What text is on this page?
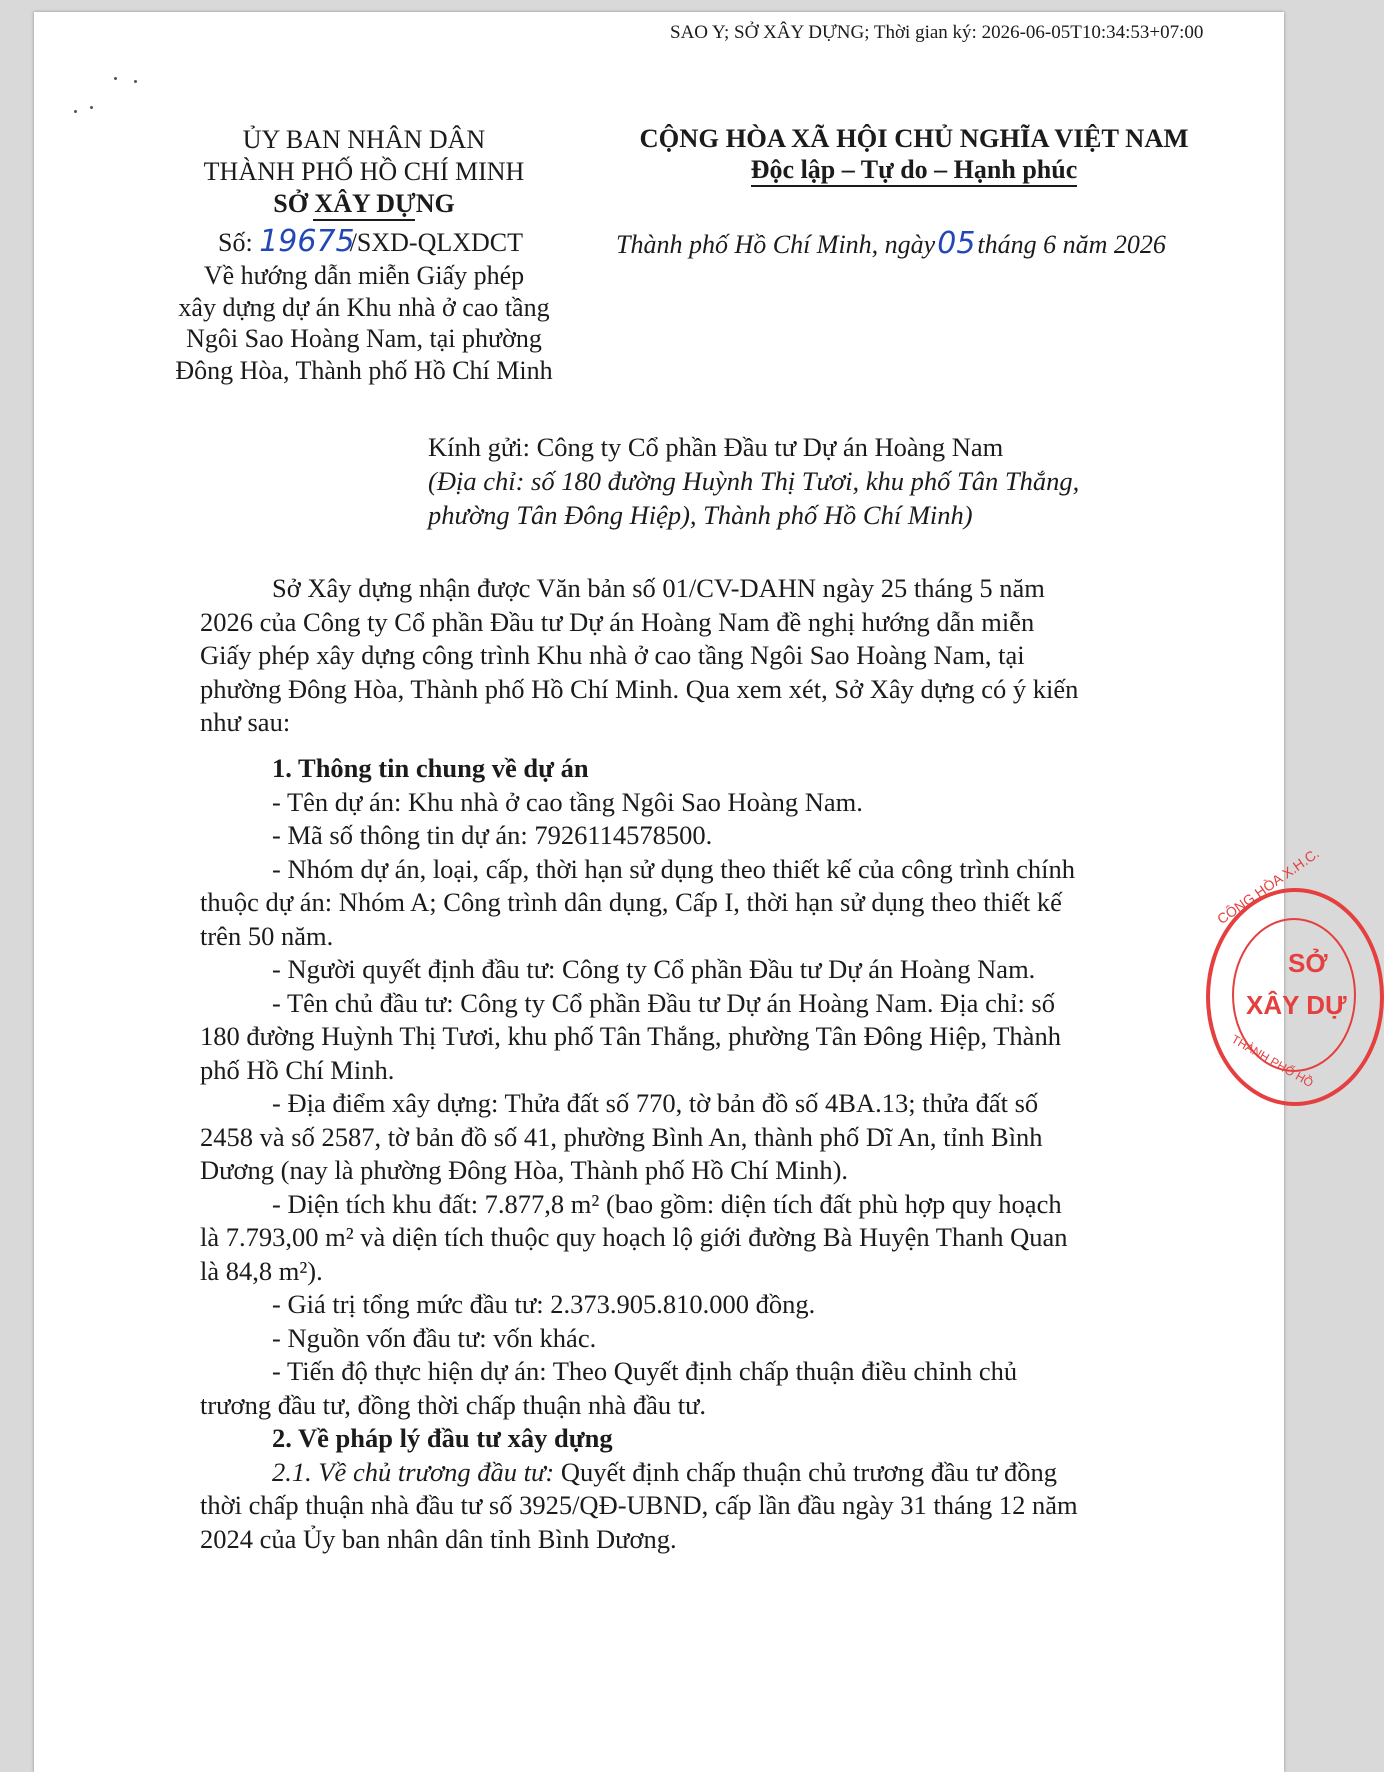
SAO Y; SỞ XÂY DỰNG; Thời gian ký: 2026-06-05T10:34:53+07:00
ỦY BAN NHÂN DÂN
THÀNH PHỐ HỒ CHÍ MINH
SỞ XÂY DỰNG
Số: 19675 /SXD-QLXDCT
Về hướng dẫn miễn Giấy phép
xây dựng dự án Khu nhà ở cao tầng
Ngôi Sao Hoàng Nam, tại phường
Đông Hòa, Thành phố Hồ Chí Minh
CỘNG HÒA XÃ HỘI CHỦ NGHĨA VIỆT NAM
Độc lập – Tự do – Hạnh phúc
Thành phố Hồ Chí Minh, ngày05tháng 6 năm 2026
Kính gửi: Công ty Cổ phần Đầu tư Dự án Hoàng Nam
(Địa chỉ: số 180 đường Huỳnh Thị Tươi, khu phố Tân Thắng,
phường Tân Đông Hiệp), Thành phố Hồ Chí Minh)
Sở Xây dựng nhận được Văn bản số 01/CV-DAHN ngày 25 tháng 5 năm
2026 của Công ty Cổ phần Đầu tư Dự án Hoàng Nam đề nghị hướng dẫn miễn
Giấy phép xây dựng công trình Khu nhà ở cao tầng Ngôi Sao Hoàng Nam, tại
phường Đông Hòa, Thành phố Hồ Chí Minh. Qua xem xét, Sở Xây dựng có ý kiến
như sau:
1. Thông tin chung về dự án
- Tên dự án: Khu nhà ở cao tầng Ngôi Sao Hoàng Nam.
- Mã số thông tin dự án: 7926114578500.
- Nhóm dự án, loại, cấp, thời hạn sử dụng theo thiết kế của công trình chính
thuộc dự án: Nhóm A; Công trình dân dụng, Cấp I, thời hạn sử dụng theo thiết kế
trên 50 năm.
- Người quyết định đầu tư: Công ty Cổ phần Đầu tư Dự án Hoàng Nam.
- Tên chủ đầu tư: Công ty Cổ phần Đầu tư Dự án Hoàng Nam. Địa chỉ: số
180 đường Huỳnh Thị Tươi, khu phố Tân Thắng, phường Tân Đông Hiệp, Thành
phố Hồ Chí Minh.
- Địa điểm xây dựng: Thửa đất số 770, tờ bản đồ số 4BA.13; thửa đất số
2458 và số 2587, tờ bản đồ số 41, phường Bình An, thành phố Dĩ An, tỉnh Bình
Dương (nay là phường Đông Hòa, Thành phố Hồ Chí Minh).
- Diện tích khu đất: 7.877,8 m² (bao gồm: diện tích đất phù hợp quy hoạch
là 7.793,00 m² và diện tích thuộc quy hoạch lộ giới đường Bà Huyện Thanh Quan
là 84,8 m²).
- Giá trị tổng mức đầu tư: 2.373.905.810.000 đồng.
- Nguồn vốn đầu tư: vốn khác.
- Tiến độ thực hiện dự án: Theo Quyết định chấp thuận điều chỉnh chủ
trương đầu tư, đồng thời chấp thuận nhà đầu tư.
2. Về pháp lý đầu tư xây dựng
2.1. Về chủ trương đầu tư: Quyết định chấp thuận chủ trương đầu tư đồng
thời chấp thuận nhà đầu tư số 3925/QĐ-UBND, cấp lần đầu ngày 31 tháng 12 năm
2024 của Ủy ban nhân dân tỉnh Bình Dương.
CỘNG HÒA X.H.C.
SỞ
XÂY DỰ
THÀNH PHỐ HỒ
